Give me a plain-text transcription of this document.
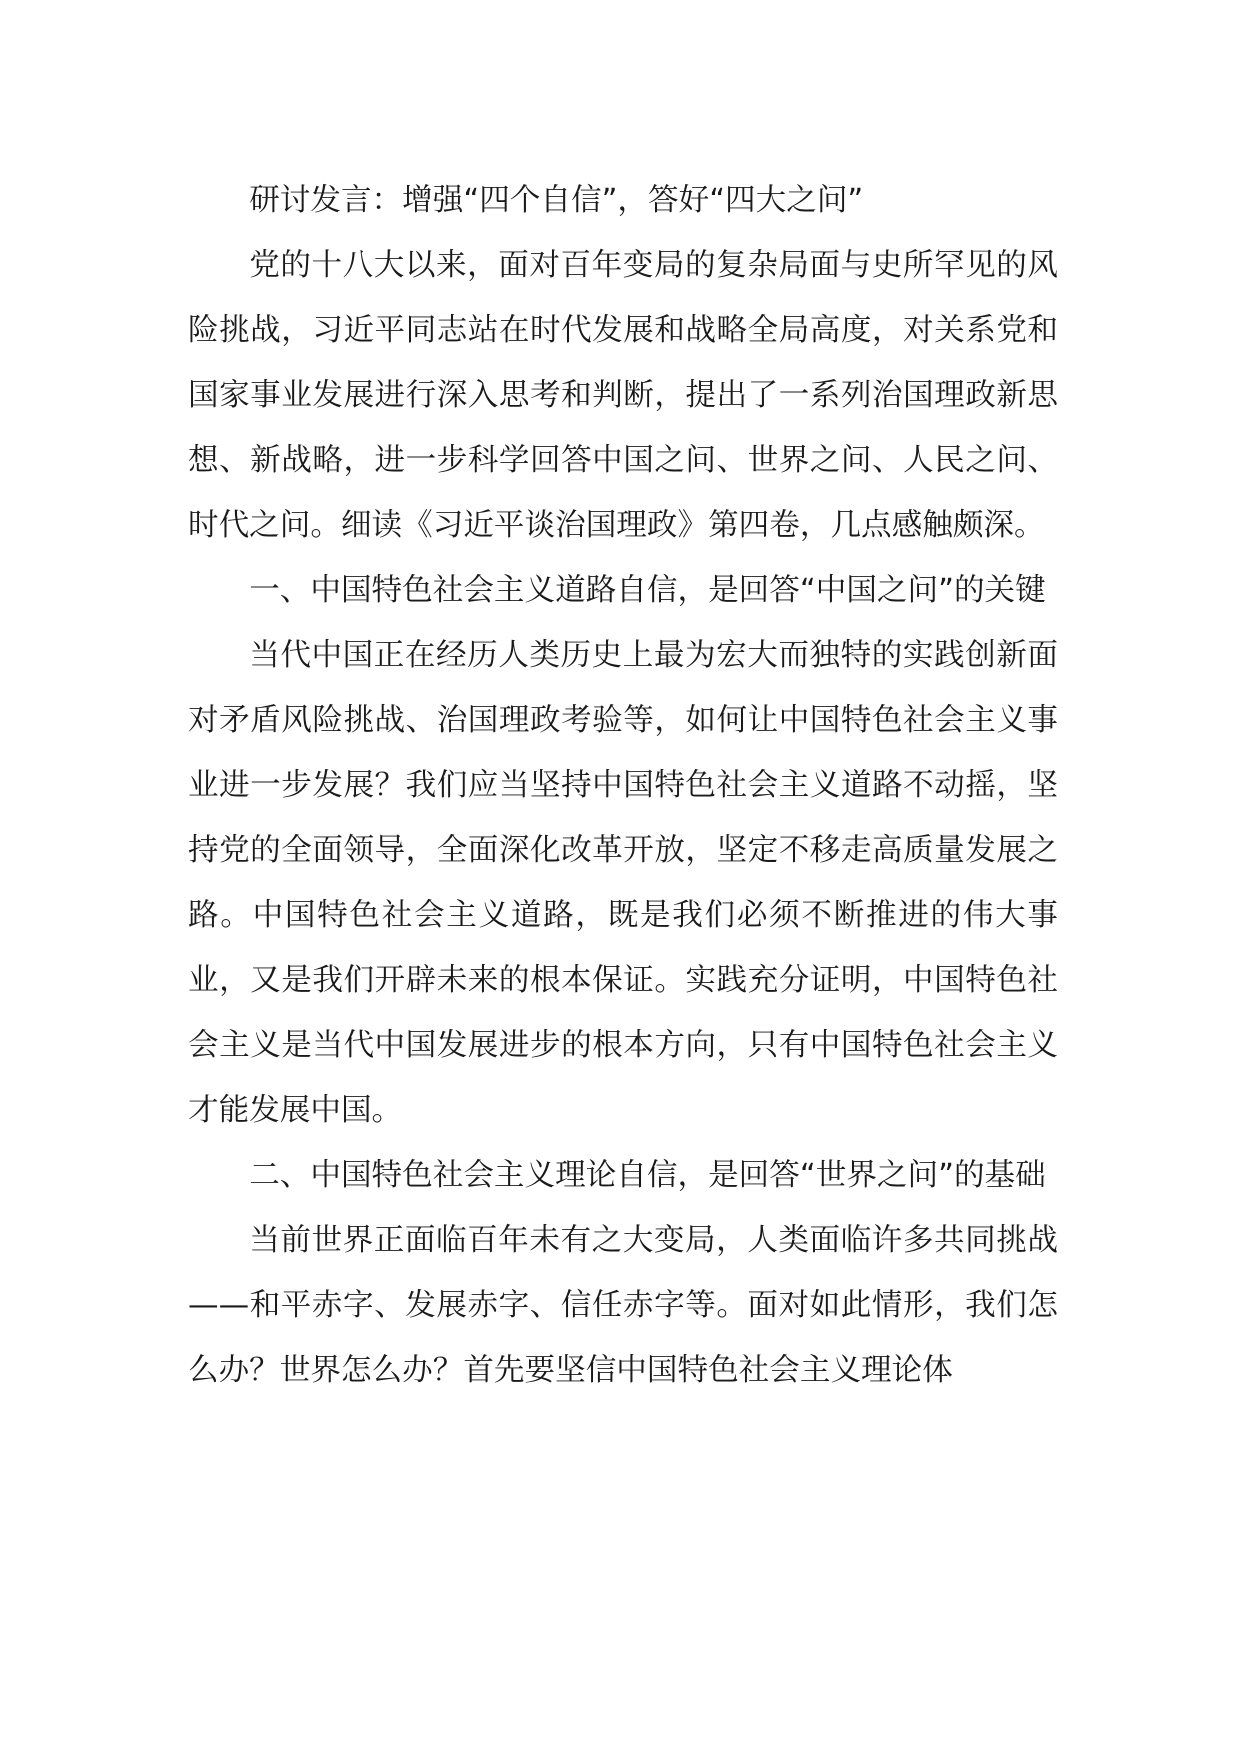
研讨发言：增强“四个自信”，答好“四大之问”

党的十八大以来，面对百年变局的复杂局面与史所罕见的风险挑战，习近平同志站在时代发展和战略全局高度，对关系党和国家事业发展进行深入思考和判断，提出了一系列治国理政新思想、新战略，进一步科学回答中国之问、世界之问、人民之问、时代之问。细读《习近平谈治国理政》第四卷，几点感触颇深。

一、中国特色社会主义道路自信，是回答“中国之问”的关键

当代中国正在经历人类历史上最为宏大而独特的实践创新面对矛盾风险挑战、治国理政考验等，如何让中国特色社会主义事业进一步发展？我们应当坚持中国特色社会主义道路不动摇，坚持党的全面领导，全面深化改革开放，坚定不移走高质量发展之路。中国特色社会主义道路，既是我们必须不断推进的伟大事业，又是我们开辟未来的根本保证。实践充分证明，中国特色社会主义是当代中国发展进步的根本方向，只有中国特色社会主义才能发展中国。

二、中国特色社会主义理论自信，是回答“世界之问”的基础

当前世界正面临百年未有之大变局，人类面临许多共同挑战——和平赤字、发展赤字、信任赤字等。面对如此情形，我们怎么办？世界怎么办？首先要坚信中国特色社会主义理论体
